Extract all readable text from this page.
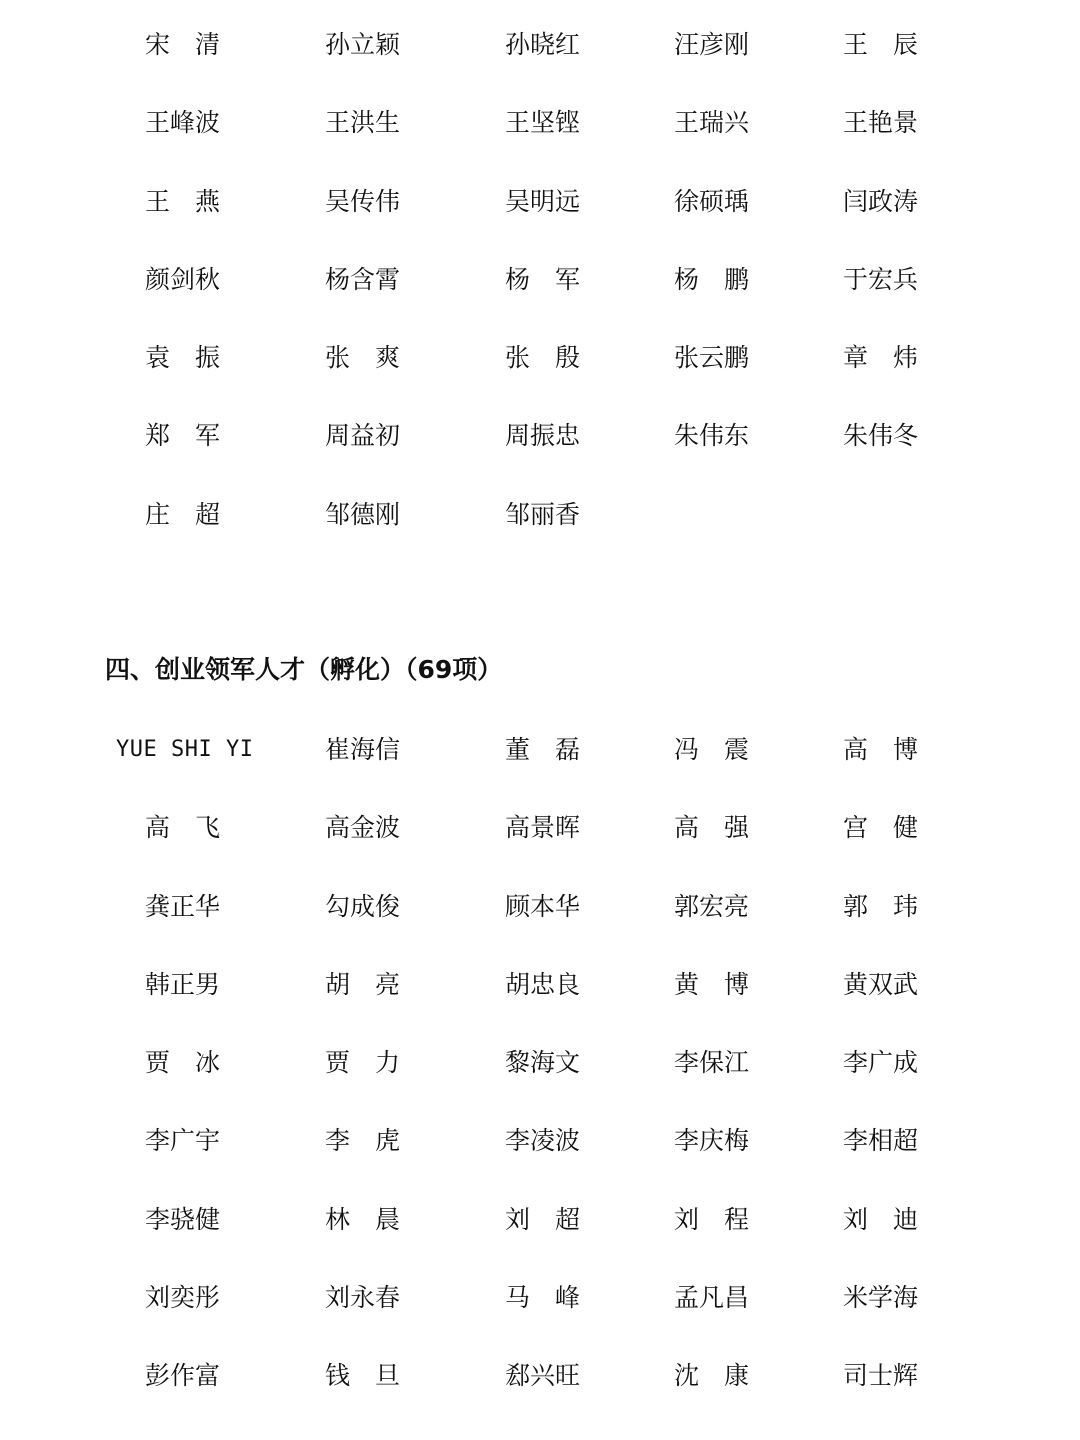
宋　清	孙立颖	孙晓红	汪彦刚	王　辰
王峰波	王洪生	王坚铿	王瑞兴	王艳景
王　燕	吴传伟	吴明远	徐硕瑀	闫政涛
颜剑秋	杨含霄	杨　军	杨　鹏	于宏兵
袁　振	张　爽	张　殷	张云鹏	章　炜
郑　军	周益初	周振忠	朱伟东	朱伟冬
庄　超	邹德刚	邹丽香
四、创业领军人才（孵化）（69项）
YUE SHI YI	崔海信	董　磊	冯　震	高　博
高　飞	高金波	高景晖	高　强	宫　健
龚正华	勾成俊	顾本华	郭宏亮	郭　玮
韩正男	胡　亮	胡忠良	黄　博	黄双武
贾　冰	贾　力	黎海文	李保江	李广成
李广宇	李　虎	李凌波	李庆梅	李相超
李骁健	林　晨	刘　超	刘　程	刘　迪
刘奕彤	刘永春	马　峰	孟凡昌	米学海
彭作富	钱　旦	郄兴旺	沈　康	司士辉
